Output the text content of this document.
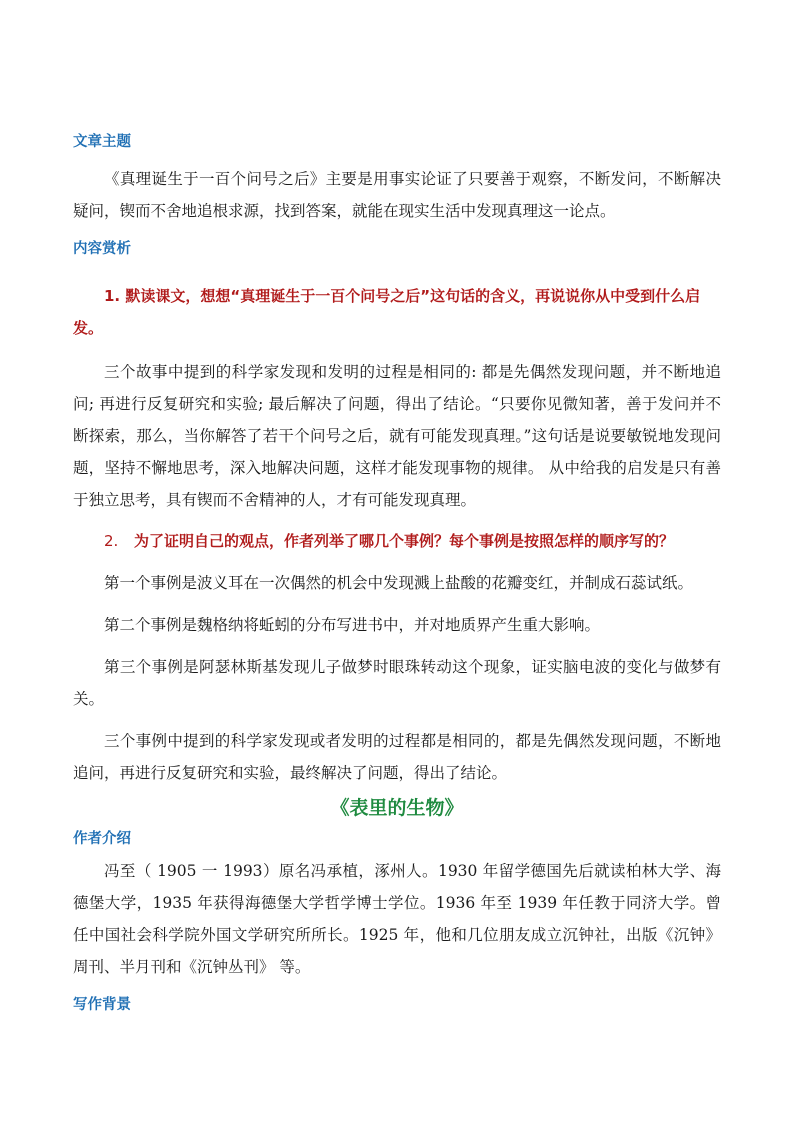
文章主题

《真理诞生于一百个问号之后》主要是用事实论证了只要善于观察，不断发问，不断解决疑问，锲而不舍地追根求源，找到答案，就能在现实生活中发现真理这一论点。

内容赏析

1. 默读课文，想想“真理诞生于一百个问号之后”这句话的含义，再说说你从中受到什么启发。

三个故事中提到的科学家发现和发明的过程是相同的: 都是先偶然发现问题，并不断地追问; 再进行反复研究和实验; 最后解决了问题，得出了结论。“只要你见微知著，善于发问并不断探索，那么，当你解答了若干个问号之后，就有可能发现真理。”这句话是说要敏锐地发现问题，坚持不懈地思考，深入地解决问题，这样才能发现事物的规律。 从中给我的启发是只有善于独立思考，具有锲而不舍精神的人，才有可能发现真理。

2. 为了证明自己的观点，作者列举了哪几个事例？每个事例是按照怎样的顺序写的？

第一个事例是波义耳在一次偶然的机会中发现溅上盐酸的花瓣变红，并制成石蕊试纸。

第二个事例是魏格纳将蚯蚓的分布写进书中，并对地质界产生重大影响。

第三个事例是阿瑟林斯基发现儿子做梦时眼珠转动这个现象，证实脑电波的变化与做梦有关。

三个事例中提到的科学家发现或者发明的过程都是相同的，都是先偶然发现问题，不断地追问，再进行反复研究和实验，最终解决了问题，得出了结论。

《表里的生物》
作者介绍

冯至（ 1905 一 1993）原名冯承植，涿州人。1930 年留学德国先后就读柏林大学、海德堡大学，1935 年获得海德堡大学哲学博士学位。1936 年至 1939 年任教于同济大学。曾任中国社会科学院外国文学研究所所长。1925 年，他和几位朋友成立沉钟社，出版《沉钟》周刊、半月刊和《沉钟丛刊》 等。

写作背景
